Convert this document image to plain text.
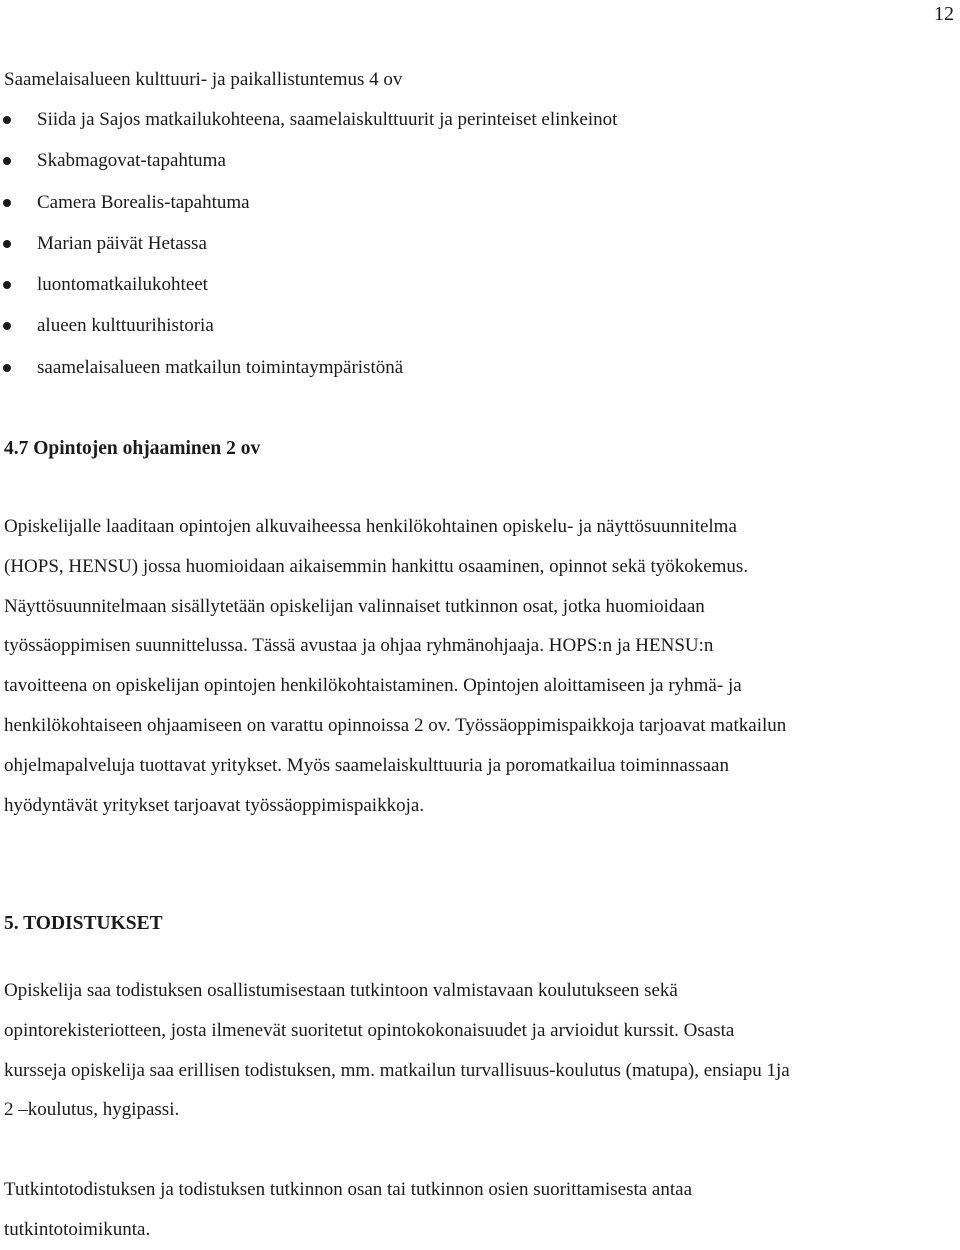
12
Saamelaisalueen kulttuuri- ja paikallistuntemus 4 ov
Siida ja Sajos matkailukohteena, saamelaiskulttuurit ja perinteiset elinkeinot
Skabmagovat-tapahtuma
Camera Borealis-tapahtuma
Marian päivät Hetassa
luontomatkailukohteet
alueen kulttuurihistoria
saamelaisalueen matkailun toimintaympäristönä
4.7 Opintojen ohjaaminen 2 ov
Opiskelijalle laaditaan opintojen alkuvaiheessa henkilökohtainen opiskelu- ja näyttösuunnitelma
(HOPS, HENSU) jossa huomioidaan aikaisemmin hankittu osaaminen, opinnot sekä työkokemus.
Näyttösuunnitelmaan sisällytetään opiskelijan valinnaiset tutkinnon osat, jotka huomioidaan
työssäoppimisen suunnittelussa. Tässä avustaa ja ohjaa ryhmänohjaaja. HOPS:n ja HENSU:n
tavoitteena on opiskelijan opintojen henkilökohtaistaminen. Opintojen aloittamiseen ja ryhmä- ja
henkilökohtaiseen ohjaamiseen on varattu opinnoissa 2 ov. Työssäoppimispaikkoja tarjoavat matkailun
ohjelmapalveluja tuottavat yritykset. Myös saamelaiskulttuuria ja poromatkailua toiminnassaan
hyödyntävät yritykset tarjoavat työssäoppimispaikkoja.
5. TODISTUKSET
Opiskelija saa todistuksen osallistumisestaan tutkintoon valmistavaan koulutukseen sekä
opintorekisteriotteen, josta ilmenevät suoritetut opintokokonaisuudet ja arvioidut kurssit. Osasta
kursseja opiskelija saa erillisen todistuksen, mm. matkailun turvallisuus-koulutus (matupa), ensiapu 1ja
2 –koulutus, hygipassi.
Tutkintotodistuksen ja todistuksen tutkinnon osan tai tutkinnon osien suorittamisesta antaa
tutkintotoimikunta.
